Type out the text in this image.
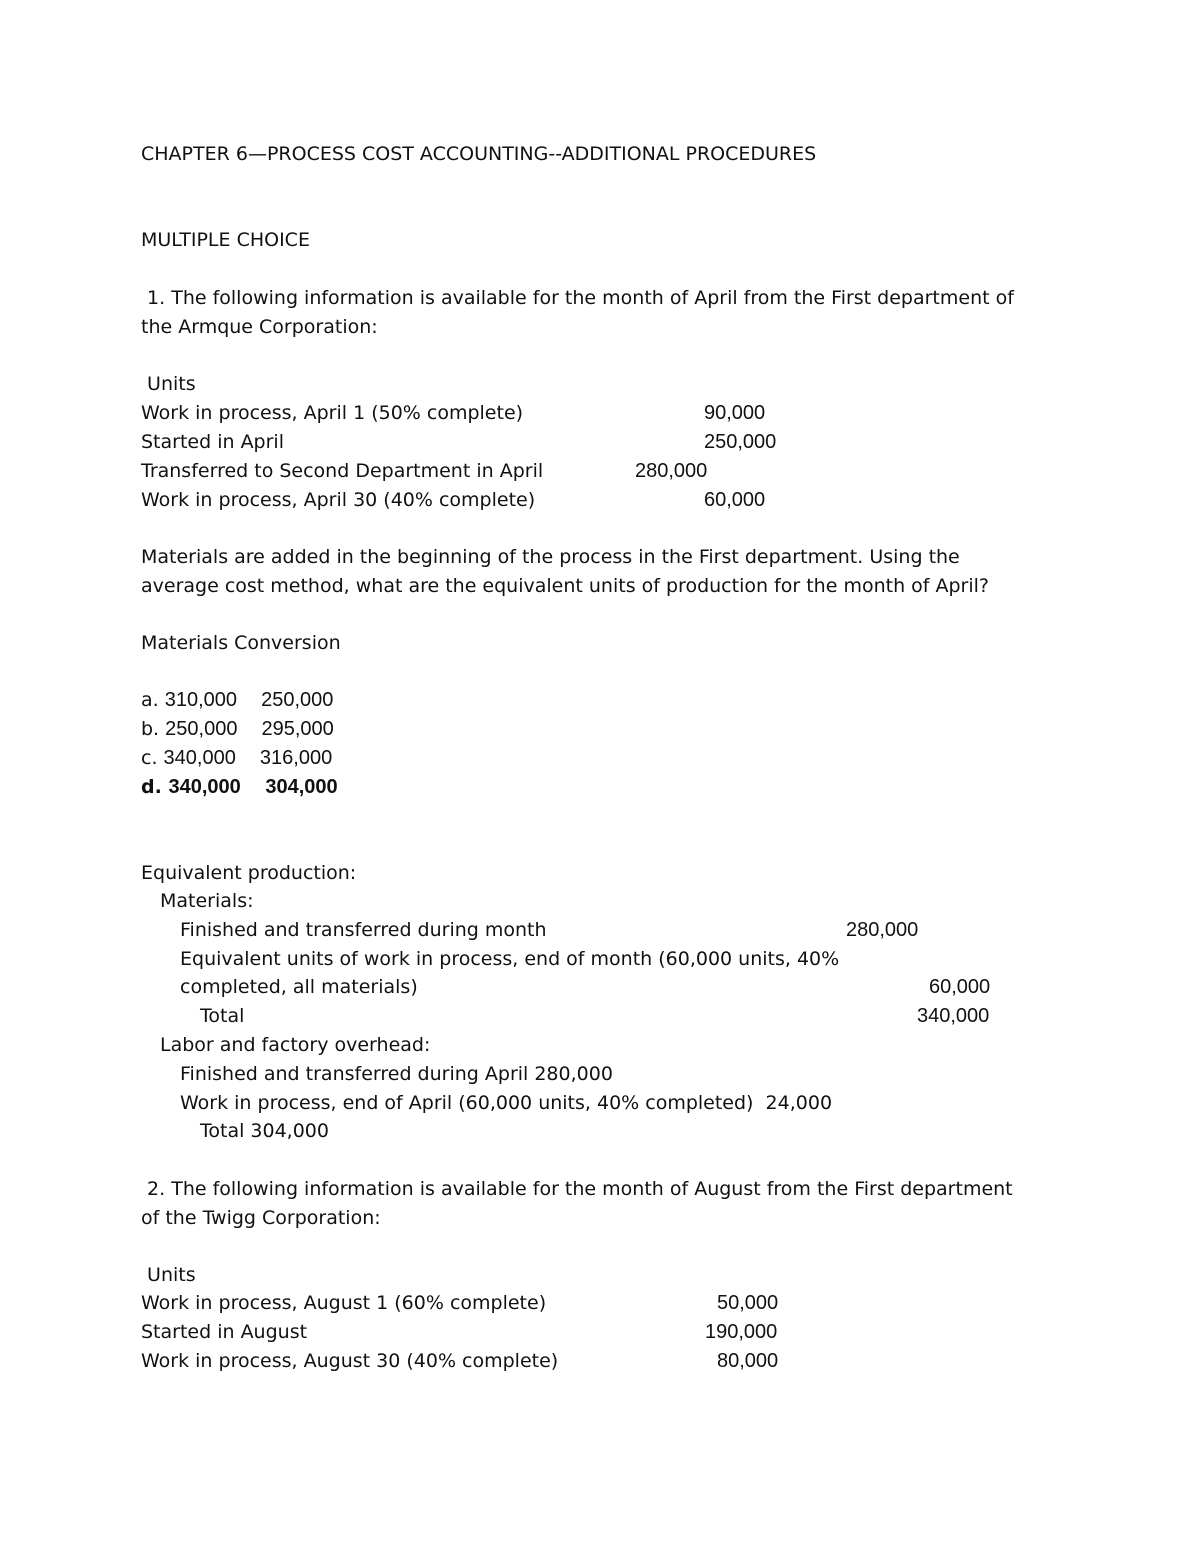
CHAPTER 6—PROCESS COST ACCOUNTING--ADDITIONAL PROCEDURES
MULTIPLE CHOICE
1. The following information is available for the month of April from the First department of
the Armque Corporation:
Units
Work in process, April 1 (50% complete)	90,000
Started in April	250,000
Transferred to Second Department in April	280,000
Work in process, April 30 (40% complete)	60,000
Materials are added in the beginning of the process in the First department. Using the
average cost method, what are the equivalent units of production for the month of April?
Materials Conversion
a. 310,000 250,000
b. 250,000 295,000
c. 340,000 316,000
d. 340,000 304,000
Equivalent production:
Materials:
Finished and transferred during month	280,000
Equivalent units of work in process, end of month (60,000 units, 40%
completed, all materials)	60,000
Total	340,000
Labor and factory overhead:
Finished and transferred during April 280,000
Work in process, end of April (60,000 units, 40% completed)  24,000
Total 304,000
2. The following information is available for the month of August from the First department
of the Twigg Corporation:
Units
Work in process, August 1 (60% complete)	50,000
Started in August	190,000
Work in process, August 30 (40% complete)	80,000
